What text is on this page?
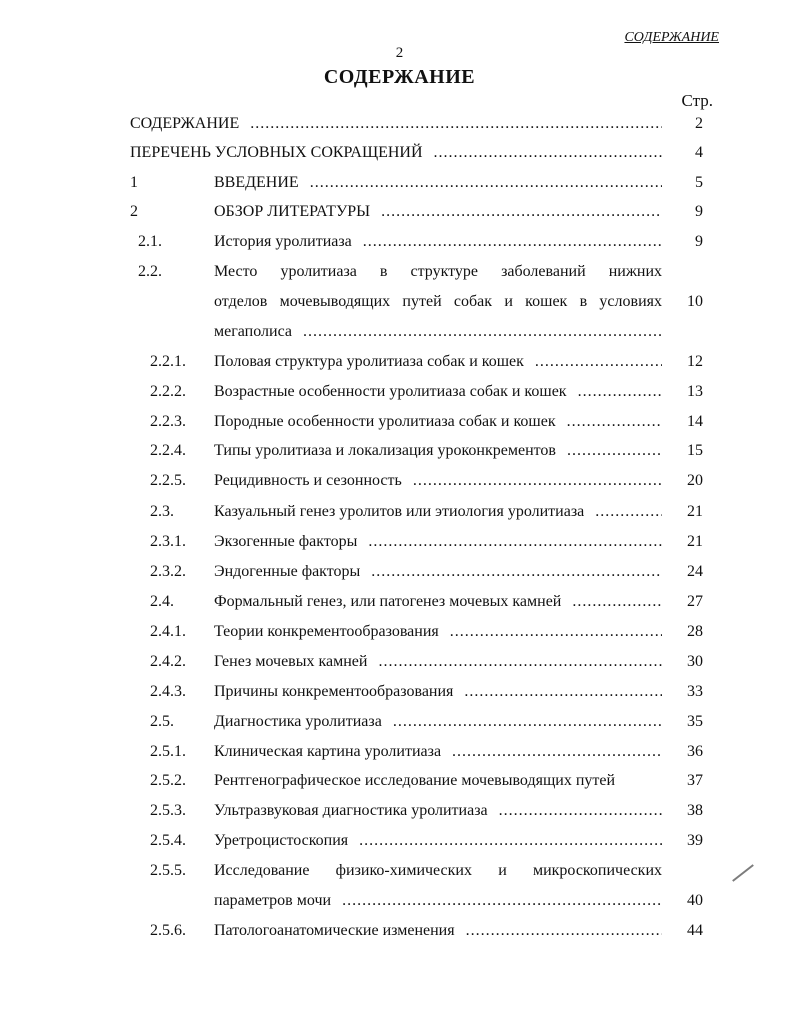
СОДЕРЖАНИЕ
2
СОДЕРЖАНИЕ
Стр.
СОДЕРЖАНИЕ .....	2
ПЕРЕЧЕНЬ УСЛОВНЫХ СОКРАЩЕНИЙ .....	4
1	ВВЕДЕНИЕ .....	5
2	ОБЗОР ЛИТЕРАТУРЫ .....	9
2.1.	История уролитиаза .....	9
2.2.	Место уролитиаза в структуре заболеваний нижних
отделов мочевыводящих путей собак и кошек в условиях
мегаполиса .....
10
2.2.1. Половая структура уролитиаза собак и кошек .....	12
2.2.2. Возрастные особенности уролитиаза собак и кошек .....	13
2.2.3. Породные особенности уролитиаза собак и кошек .....	14
2.2.4. Типы уролитиаза и локализация уроконкрементов .....	15
2.2.5. Рецидивность и сезонность .....	20
2.3.	Казуальный генез уролитов или этиология уролитиаза .....	21
2.3.1. Экзогенные факторы .....	21
2.3.2. Эндогенные факторы .....	24
2.4.	Формальный генез, или патогенез мочевых камней .....	27
2.4.1. Теории конкрементообразования .....	28
2.4.2. Генез мочевых камней .....	30
2.4.3. Причины конкрементообразования .....	33
2.5.	Диагностика уролитиаза .....	35
2.5.1. Клиническая картина уролитиаза .....	36
2.5.2. Рентгенографическое исследование мочевыводящих путей	37
2.5.3. Ультразвуковая диагностика уролитиаза .....	38
2.5.4. Уретроцистоскопия .....	39
2.5.5. Исследование физико-химических и микроскопических
параметров мочи .....	40
2.5.6. Патологоанатомические изменения .....	44
